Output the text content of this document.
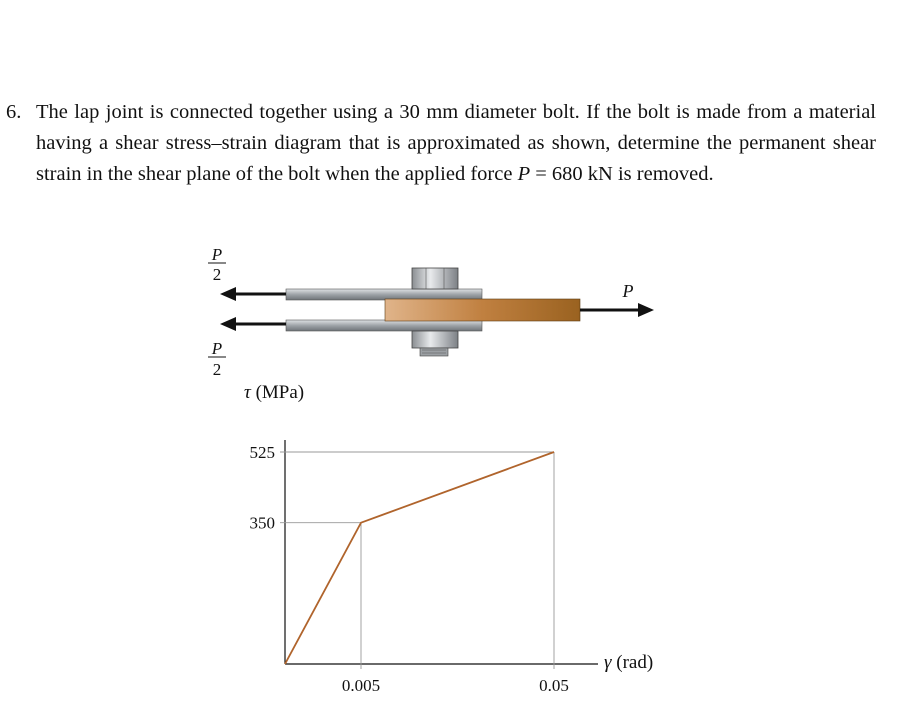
6. The lap joint is connected together using a 30 mm diameter bolt. If the bolt is made from a material having a shear stress–strain diagram that is approximated as shown, determine the permanent shear strain in the shear plane of the bolt when the applied force P = 680 kN is removed.
P
2
P
2
P
τ (MPa)
γ (rad)
525
350
0.005	0.05
